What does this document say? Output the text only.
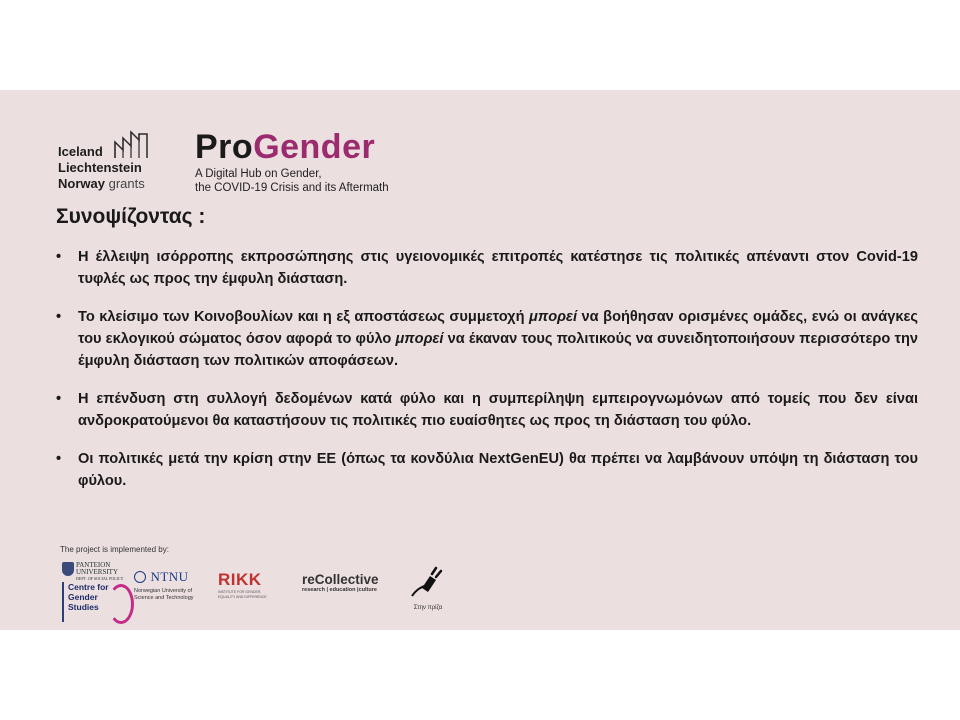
Iceland
Liechtenstein
Norway grants
ProGender
A Digital Hub on Gender,
the COVID-19 Crisis and its Aftermath
Συνοψίζοντας :
• Η έλλειψη ισόρροπης εκπροσώπησης στις υγειονομικές επιτροπές κατέστησε τις πολιτικές απέναντι στον Covid-19 τυφλές ως προς την έμφυλη διάσταση.
• Το κλείσιμο των Κοινοβουλίων και η εξ αποστάσεως συμμετοχή μπορεί να βοήθησαν ορισμένες ομάδες, ενώ οι ανάγκες του εκλογικού σώματος όσον αφορά το φύλο μπορεί να έκαναν τους πολιτικούς να συνειδητοποιήσουν περισσότερο την έμφυλη διάσταση των πολιτικών αποφάσεων.
• Η επένδυση στη συλλογή δεδομένων κατά φύλο και η συμπερίληψη εμπειρογνωμόνων από τομείς που δεν είναι ανδροκρατούμενοι θα καταστήσουν τις πολιτικές πιο ευαίσθητες ως προς τη διάσταση του φύλο.
• Οι πολιτικές μετά την κρίση στην ΕΕ (όπως τα κονδύλια NextGenEU) θα πρέπει να λαμβάνουν υπόψη τη διάσταση του φύλου.
The project is implemented by:
PANTEION
UNIVERSITY
DEPT. OF SOCIAL POLICY
Centre for
Gender
Studies
NTNU
Norwegian University of
Science and Technology
RIKK
INSTITUTE FOR GENDER,
EQUALITY AND DIFFERENCE
reCollective
research | education |culture
Στην πρίζα
